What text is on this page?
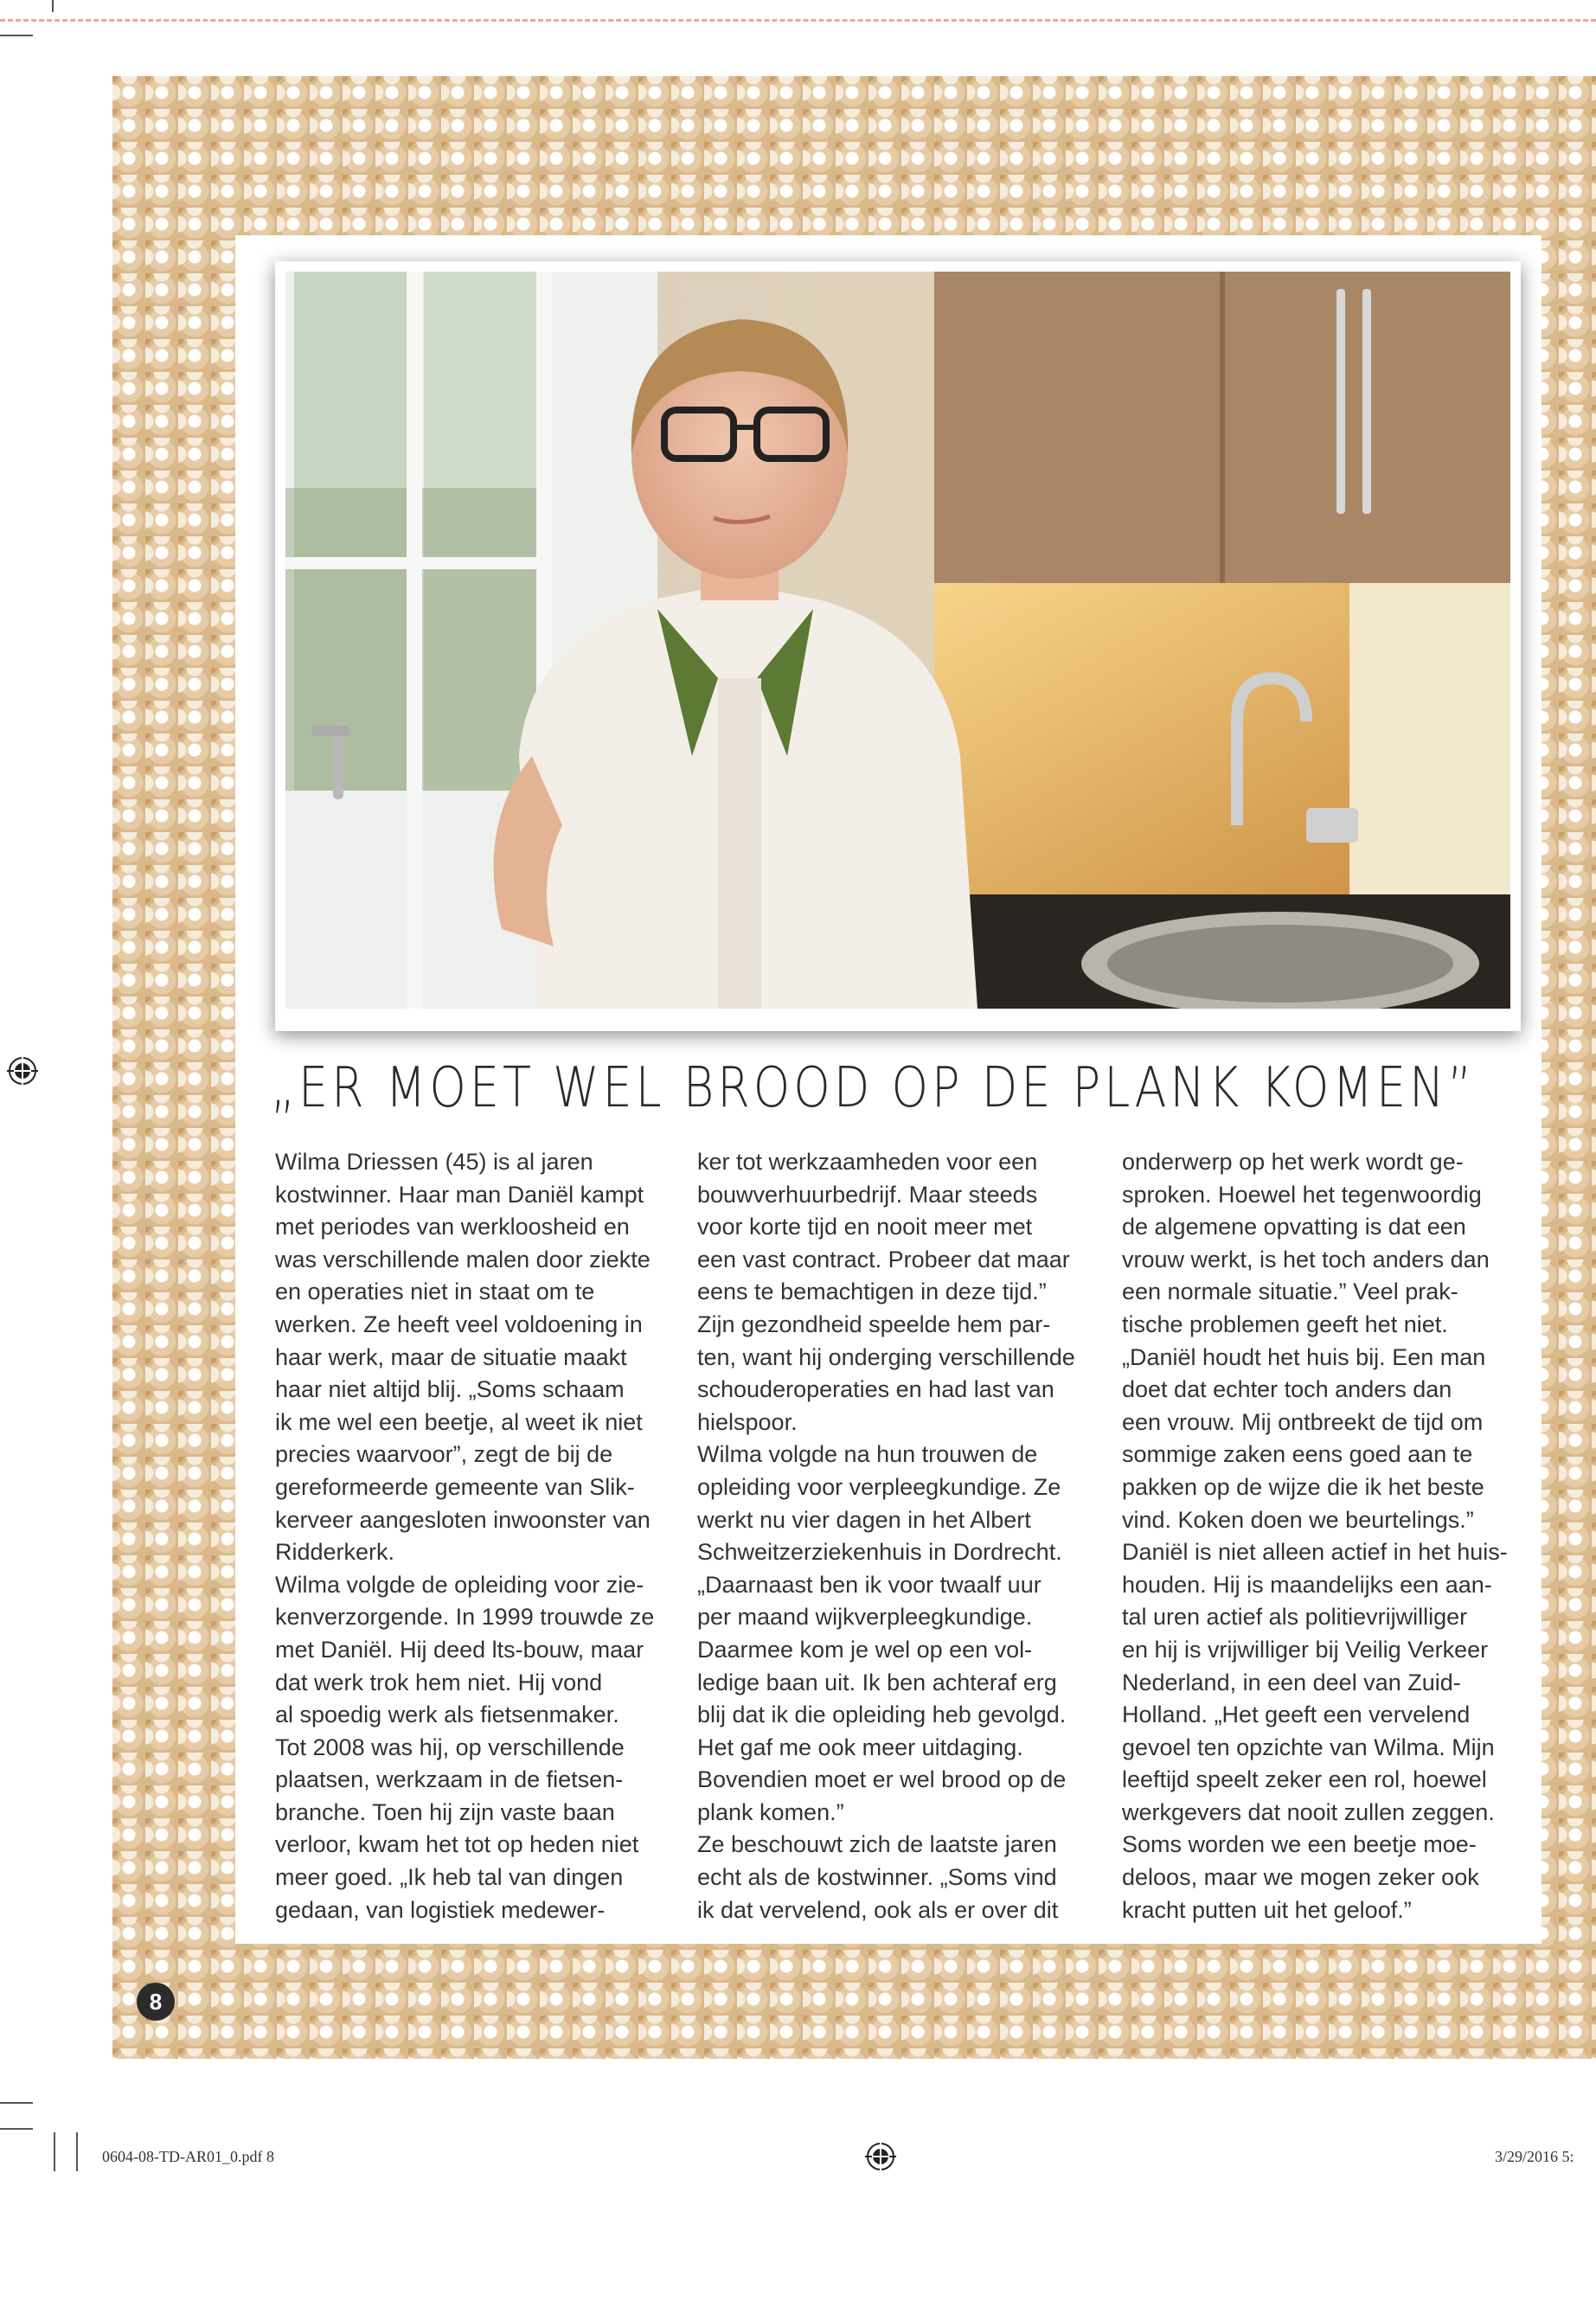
„ER MOET WEL BROOD OP DE PLANK KOMEN”

Wilma Driessen (45) is al jaren
kostwinner. Haar man Daniël kampt
met periodes van werkloosheid en
was verschillende malen door ziekte
en operaties niet in staat om te
werken. Ze heeft veel voldoening in
haar werk, maar de situatie maakt
haar niet altijd blij. „Soms schaam
ik me wel een beetje, al weet ik niet
precies waarvoor”, zegt de bij de
gereformeerde gemeente van Slik-
kerveer aangesloten inwoonster van
Ridderkerk.

Wilma volgde de opleiding voor zie-
kenverzorgende. In 1999 trouwde ze
met Daniël. Hij deed lts-bouw, maar
dat werk trok hem niet. Hij vond
al spoedig werk als fietsenmaker.
Tot 2008 was hij, op verschillende
plaatsen, werkzaam in de fietsen-
branche. Toen hij zijn vaste baan
verloor, kwam het tot op heden niet
meer goed. „Ik heb tal van dingen
gedaan, van logistiek medewer-

ker tot werkzaamheden voor een
bouwverhuurbedrijf. Maar steeds
voor korte tijd en nooit meer met
een vast contract. Probeer dat maar
eens te bemachtigen in deze tijd.”
Zijn gezondheid speelde hem par-
ten, want hij onderging verschillende
schouderoperaties en had last van
hielspoor.

Wilma volgde na hun trouwen de
opleiding voor verpleegkundige. Ze
werkt nu vier dagen in het Albert
Schweitzerziekenhuis in Dordrecht.
„Daarnaast ben ik voor twaalf uur
per maand wijkverpleegkundige.
Daarmee kom je wel op een vol-
ledige baan uit. Ik ben achteraf erg
blij dat ik die opleiding heb gevolgd.
Het gaf me ook meer uitdaging.
Bovendien moet er wel brood op de
plank komen.”

Ze beschouwt zich de laatste jaren
echt als de kostwinner. „Soms vind
ik dat vervelend, ook als er over dit

onderwerp op het werk wordt ge-
sproken. Hoewel het tegenwoordig
de algemene opvatting is dat een
vrouw werkt, is het toch anders dan
een normale situatie.” Veel prak-
tische problemen geeft het niet.
„Daniël houdt het huis bij. Een man
doet dat echter toch anders dan
een vrouw. Mij ontbreekt de tijd om
sommige zaken eens goed aan te
pakken op de wijze die ik het beste
vind. Koken doen we beurtelings.”
Daniël is niet alleen actief in het huis-
houden. Hij is maandelijks een aan-
tal uren actief als politievrijwilliger
en hij is vrijwilliger bij Veilig Verkeer
Nederland, in een deel van Zuid-
Holland. „Het geeft een vervelend
gevoel ten opzichte van Wilma. Mijn
leeftijd speelt zeker een rol, hoewel
werkgevers dat nooit zullen zeggen.
Soms worden we een beetje moe-
deloos, maar we mogen zeker ook
kracht putten uit het geloof.”

8
0604-08-TD-AR01_0.pdf 8	3/29/2016 5:
